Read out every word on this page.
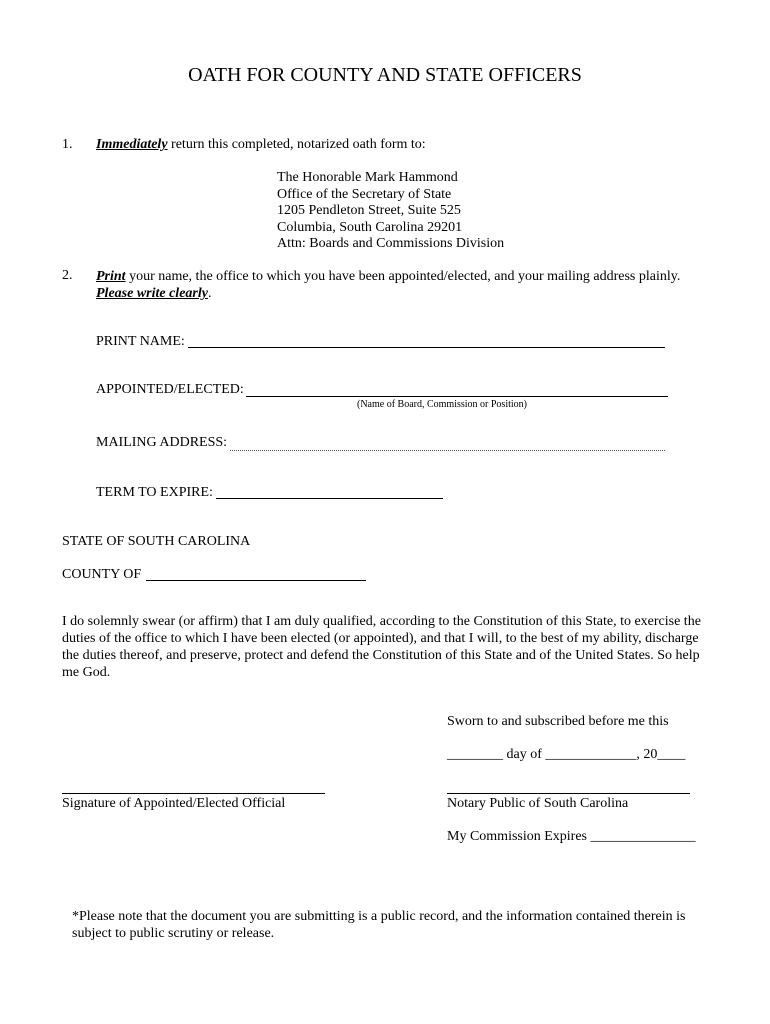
OATH FOR COUNTY AND STATE OFFICERS
1. Immediately return this completed, notarized oath form to:
The Honorable Mark Hammond
Office of the Secretary of State
1205 Pendleton Street, Suite 525
Columbia, South Carolina 29201
Attn: Boards and Commissions Division
2. Print your name, the office to which you have been appointed/elected, and your mailing address plainly.
Please write clearly.
PRINT NAME:
APPOINTED/ELECTED:
(Name of Board, Commission or Position)
MAILING ADDRESS:
TERM TO EXPIRE:
STATE OF SOUTH CAROLINA
COUNTY OF
I do solemnly swear (or affirm) that I am duly qualified, according to the Constitution of this State, to exercise the duties of the office to which I have been elected (or appointed), and that I will, to the best of my ability, discharge the duties thereof, and preserve, protect and defend the Constitution of this State and of the United States. So help me God.
Sworn to and subscribed before me this
________ day of _____________, 20____
Signature of Appointed/Elected Official	Notary Public of South Carolina
My Commission Expires _______________
*Please note that the document you are submitting is a public record, and the information contained therein is subject to public scrutiny or release.
